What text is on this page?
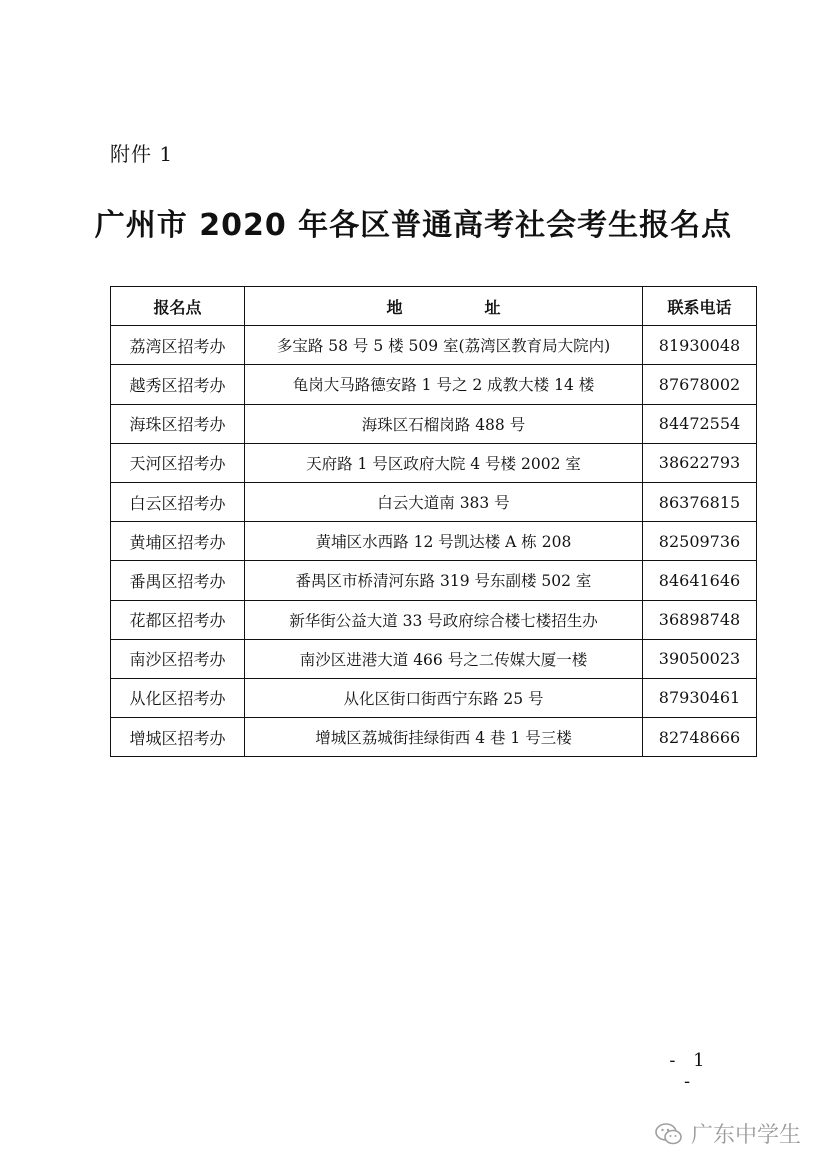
附件 1
广州市 2020 年各区普通高考社会考生报名点
报名点	地址	联系电话
荔湾区招考办	多宝路 58 号 5 楼 509 室(荔湾区教育局大院内)	81930048
越秀区招考办	龟岗大马路德安路 1 号之 2 成教大楼 14 楼	87678002
海珠区招考办	海珠区石榴岗路 488 号	84472554
天河区招考办	天府路 1 号区政府大院 4 号楼 2002 室	38622793
白云区招考办	白云大道南 383 号	86376815
黄埔区招考办	黄埔区水西路 12 号凯达楼 A 栋 208	82509736
番禺区招考办	番禺区市桥清河东路 319 号东副楼 502 室	84641646
花都区招考办	新华街公益大道 33 号政府综合楼七楼招生办	36898748
南沙区招考办	南沙区进港大道 466 号之二传媒大厦一楼	39050023
从化区招考办	从化区街口街西宁东路 25 号	87930461
增城区招考办	增城区荔城街挂绿街西 4 巷 1 号三楼	82748666
- 1 -
广东中学生
